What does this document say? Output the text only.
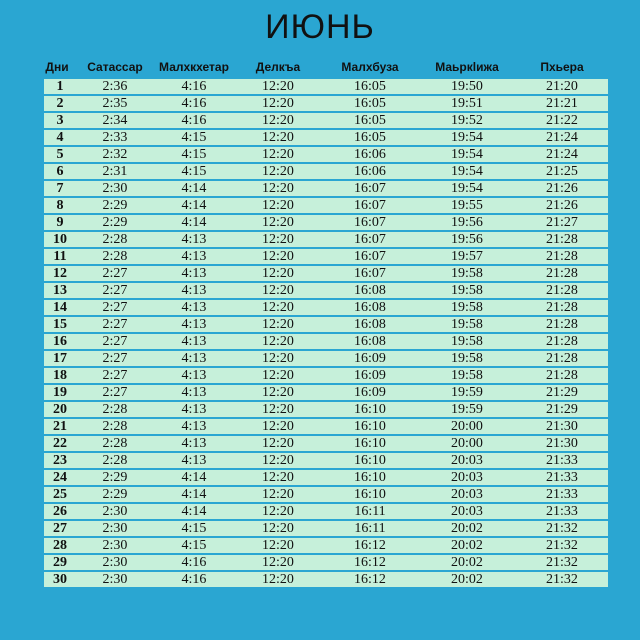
ИЮНЬ
Дни	Сатассар	Малхкхетар	Делкъа	Малхбуза	Маьркlижа	Пхьера
1	2:36	4:16	12:20	16:05	19:50	21:20
2	2:35	4:16	12:20	16:05	19:51	21:21
3	2:34	4:16	12:20	16:05	19:52	21:22
4	2:33	4:15	12:20	16:05	19:54	21:24
5	2:32	4:15	12:20	16:06	19:54	21:24
6	2:31	4:15	12:20	16:06	19:54	21:25
7	2:30	4:14	12:20	16:07	19:54	21:26
8	2:29	4:14	12:20	16:07	19:55	21:26
9	2:29	4:14	12:20	16:07	19:56	21:27
10	2:28	4:13	12:20	16:07	19:56	21:28
11	2:28	4:13	12:20	16:07	19:57	21:28
12	2:27	4:13	12:20	16:07	19:58	21:28
13	2:27	4:13	12:20	16:08	19:58	21:28
14	2:27	4:13	12:20	16:08	19:58	21:28
15	2:27	4:13	12:20	16:08	19:58	21:28
16	2:27	4:13	12:20	16:08	19:58	21:28
17	2:27	4:13	12:20	16:09	19:58	21:28
18	2:27	4:13	12:20	16:09	19:58	21:28
19	2:27	4:13	12:20	16:09	19:59	21:29
20	2:28	4:13	12:20	16:10	19:59	21:29
21	2:28	4:13	12:20	16:10	20:00	21:30
22	2:28	4:13	12:20	16:10	20:00	21:30
23	2:28	4:13	12:20	16:10	20:03	21:33
24	2:29	4:14	12:20	16:10	20:03	21:33
25	2:29	4:14	12:20	16:10	20:03	21:33
26	2:30	4:14	12:20	16:11	20:03	21:33
27	2:30	4:15	12:20	16:11	20:02	21:32
28	2:30	4:15	12:20	16:12	20:02	21:32
29	2:30	4:16	12:20	16:12	20:02	21:32
30	2:30	4:16	12:20	16:12	20:02	21:32
